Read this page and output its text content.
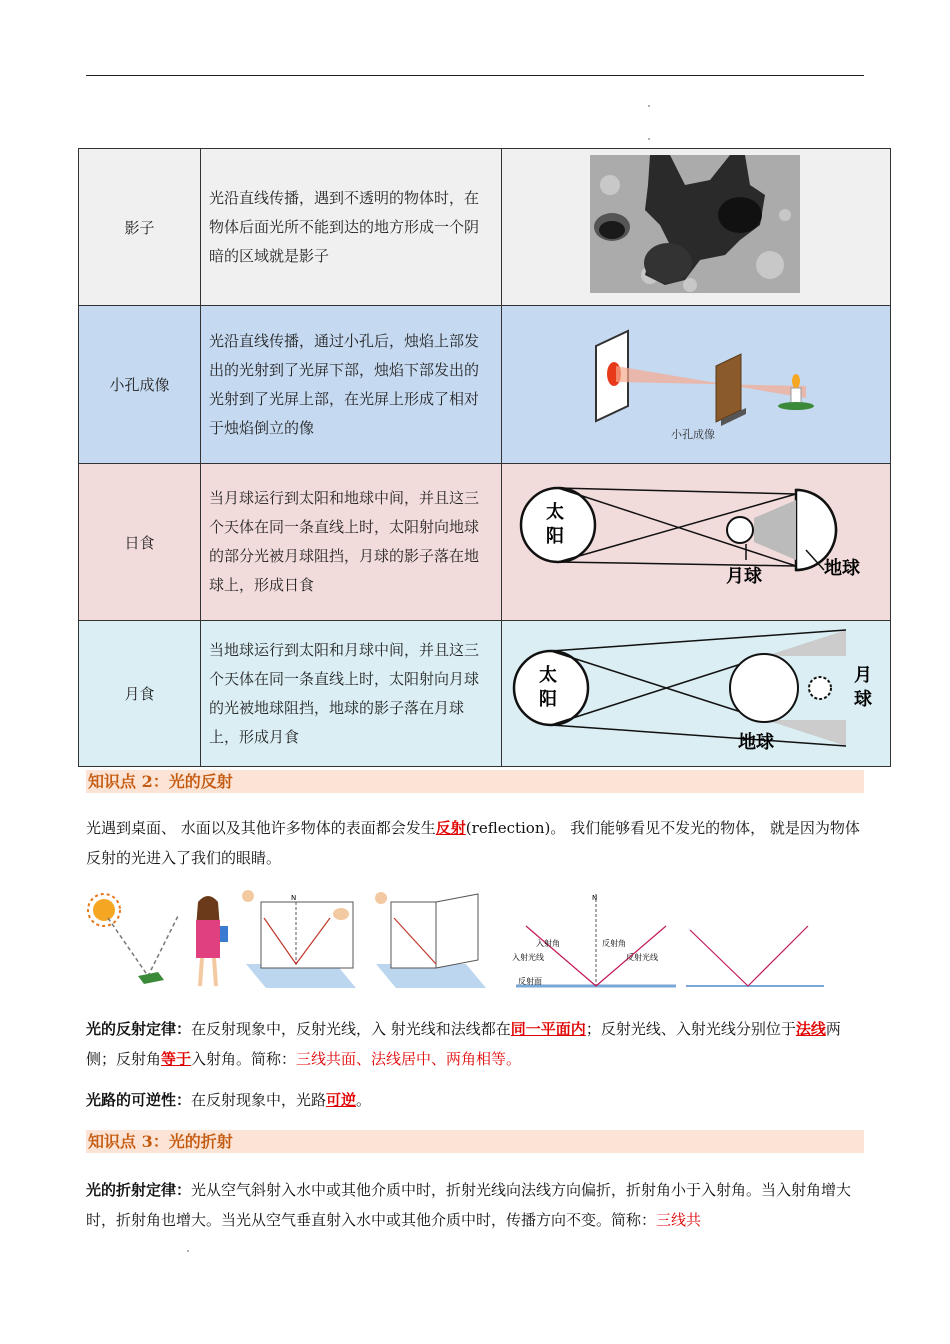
影子	光沿直线传播，遇到不透明的物体时，在物体后面光所不能到达的地方形成一个阴暗的区域就是影子	

小孔成像	光沿直线传播，通过小孔后，烛焰上部发出的光射到了光屏下部，烛焰下部发出的光射到了光屏上部，在光屏上形成了相对于烛焰倒立的像	小孔成像

日食	当月球运行到太阳和地球中间，并且这三个天体在同一条直线上时，太阳射向地球的部分光被月球阻挡，月球的影子落在地球上，形成日食	太
阳
月球 地球

月食	当地球运行到太阳和月球中间，并且这三个天体在同一条直线上时，太阳射向月球的光被地球阻挡，地球的影子落在月球上，形成月食	太
阳
月
球
地球
知识点 2：光的反射
光遇到桌面、 水面以及其他许多物体的表面都会发生反射(reflection)。 我们能够看见不发光的物体， 就是因为物体反射的光进入了我们的眼睛。
N	N
入射角	反射角
入射光线	反射光线
反射面
光的反射定律：在反射现象中，反射光线，入 射光线和法线都在同一平面内；反射光线、入射光线分别位于法线两侧；反射角等于入射角。简称：三线共面、法线居中、两角相等。
光路的可逆性：在反射现象中，光路可逆。
知识点 3：光的折射
光的折射定律：光从空气斜射入水中或其他介质中时，折射光线向法线方向偏折，折射角小于入射角。当入射角增大时，折射角也增大。当光从空气垂直射入水中或其他介质中时，传播方向不变。简称：三线共
